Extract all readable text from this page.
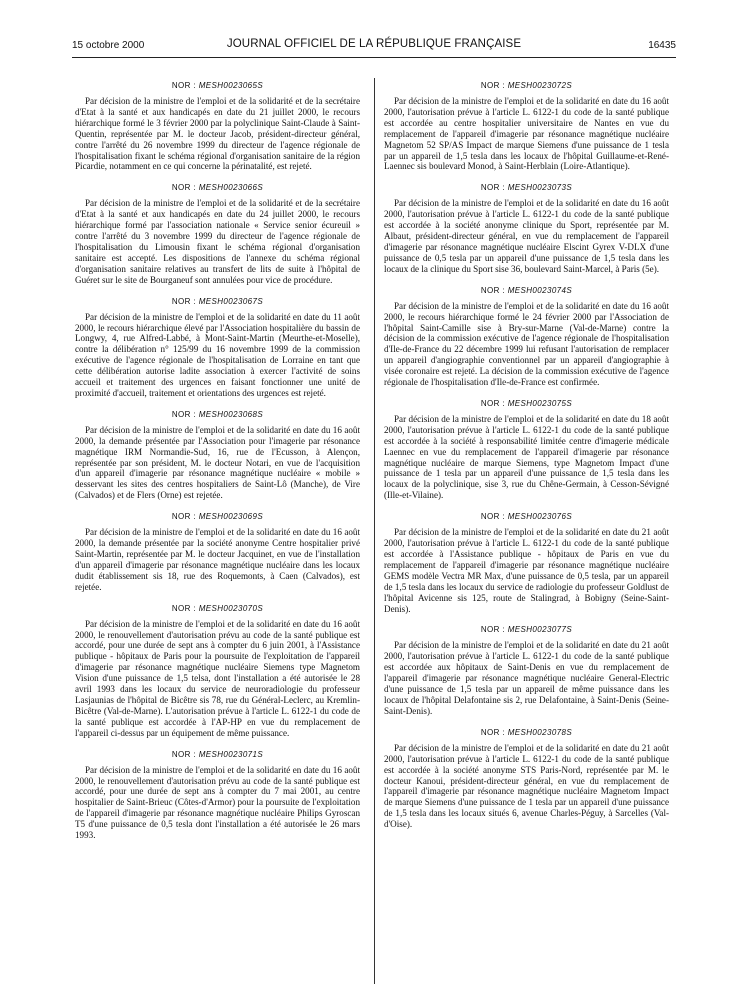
15 octobre 2000	JOURNAL OFFICIEL DE LA RÉPUBLIQUE FRANÇAISE	16435

NOR : MESH0023065S

Par décision de la ministre de l'emploi et de la solidarité et de la secrétaire d'Etat à la santé et aux handicapés en date du 21 juillet 2000, le recours hiérarchique formé le 3 février 2000 par la polyclinique Saint-Claude à Saint-Quentin, représentée par M. le docteur Jacob, président-directeur général, contre l'arrêté du 26 novembre 1999 du directeur de l'agence régionale de l'hospitalisation fixant le schéma régional d'organisation sanitaire de la région Picardie, notamment en ce qui concerne la périnatalité, est rejeté.

NOR : MESH0023066S

Par décision de la ministre de l'emploi et de la solidarité et de la secrétaire d'Etat à la santé et aux handicapés en date du 24 juillet 2000, le recours hiérarchique formé par l'association nationale « Service senior écureuil » contre l'arrêté du 3 novembre 1999 du directeur de l'agence régionale de l'hospitalisation du Limousin fixant le schéma régional d'organisation sanitaire est accepté. Les dispositions de l'annexe du schéma régional d'organisation sanitaire relatives au transfert de lits de suite à l'hôpital de Guéret sur le site de Bourganeuf sont annulées pour vice de procédure.

NOR : MESH0023067S

Par décision de la ministre de l'emploi et de la solidarité en date du 11 août 2000, le recours hiérarchique élevé par l'Association hospitalière du bassin de Longwy, 4, rue Alfred-Labbé, à Mont-Saint-Martin (Meurthe-et-Moselle), contre la délibération n° 125/99 du 16 novembre 1999 de la commission exécutive de l'agence régionale de l'hospitalisation de Lorraine en tant que cette délibération autorise ladite association à exercer l'activité de soins accueil et traitement des urgences en faisant fonctionner une unité de proximité d'accueil, traitement et orientations des urgences est rejeté.

NOR : MESH0023068S

Par décision de la ministre de l'emploi et de la solidarité en date du 16 août 2000, la demande présentée par l'Association pour l'imagerie par résonance magnétique IRM Normandie-Sud, 16, rue de l'Ecusson, à Alençon, représentée par son président, M. le docteur Notari, en vue de l'acquisition d'un appareil d'imagerie par résonance magnétique nucléaire « mobile » desservant les sites des centres hospitaliers de Saint-Lô (Manche), de Vire (Calvados) et de Flers (Orne) est rejetée.

NOR : MESH0023069S

Par décision de la ministre de l'emploi et de la solidarité en date du 16 août 2000, la demande présentée par la société anonyme Centre hospitalier privé Saint-Martin, représentée par M. le docteur Jacquinet, en vue de l'installation d'un appareil d'imagerie par résonance magnétique nucléaire dans les locaux dudit établissement sis 18, rue des Roquemonts, à Caen (Calvados), est rejetée.

NOR : MESH0023070S

Par décision de la ministre de l'emploi et de la solidarité en date du 16 août 2000, le renouvellement d'autorisation prévu au code de la santé publique est accordé, pour une durée de sept ans à compter du 6 juin 2001, à l'Assistance publique - hôpitaux de Paris pour la poursuite de l'exploitation de l'appareil d'imagerie par résonance magnétique nucléaire Siemens type Magnetom Vision d'une puissance de 1,5 telsa, dont l'installation a été autorisée le 28 avril 1993 dans les locaux du service de neuroradiologie du professeur Lasjaunias de l'hôpital de Bicêtre sis 78, rue du Général-Leclerc, au Kremlin-Bicêtre (Val-de-Marne). L'autorisation prévue à l'article L. 6122-1 du code de la santé publique est accordée à l'AP-HP en vue du remplacement de l'appareil ci-dessus par un équipement de même puissance.

NOR : MESH0023071S

Par décision de la ministre de l'emploi et de la solidarité en date du 16 août 2000, le renouvellement d'autorisation prévu au code de la santé publique est accordé, pour une durée de sept ans à compter du 7 mai 2001, au centre hospitalier de Saint-Brieuc (Côtes-d'Armor) pour la poursuite de l'exploitation de l'appareil d'imagerie par résonance magnétique nucléaire Philips Gyroscan T5 d'une puissance de 0,5 tesla dont l'installation a été autorisée le 26 mars 1993.

NOR : MESH0023072S

Par décision de la ministre de l'emploi et de la solidarité en date du 16 août 2000, l'autorisation prévue à l'article L. 6122-1 du code de la santé publique est accordée au centre hospitalier universitaire de Nantes en vue du remplacement de l'appareil d'imagerie par résonance magnétique nucléaire Magnetom 52 SP/AS Impact de marque Siemens d'une puissance de 1 tesla par un appareil de 1,5 tesla dans les locaux de l'hôpital Guillaume-et-René-Laennec sis boulevard Monod, à Saint-Herblain (Loire-Atlantique).

NOR : MESH0023073S

Par décision de la ministre de l'emploi et de la solidarité en date du 16 août 2000, l'autorisation prévue à l'article L. 6122-1 du code de la santé publique est accordée à la société anonyme clinique du Sport, représentée par M. Albaut, président-directeur général, en vue du remplacement de l'appareil d'imagerie par résonance magnétique nucléaire Elscint Gyrex V-DLX d'une puissance de 0,5 tesla par un appareil d'une puissance de 1,5 tesla dans les locaux de la clinique du Sport sise 36, boulevard Saint-Marcel, à Paris (5e).

NOR : MESH0023074S

Par décision de la ministre de l'emploi et de la solidarité en date du 16 août 2000, le recours hiérarchique formé le 24 février 2000 par l'Association de l'hôpital Saint-Camille sise à Bry-sur-Marne (Val-de-Marne) contre la décision de la commission exécutive de l'agence régionale de l'hospitalisation d'Ile-de-France du 22 décembre 1999 lui refusant l'autorisation de remplacer un appareil d'angiographie conventionnel par un appareil d'angiographie à visée coronaire est rejeté. La décision de la commission exécutive de l'agence régionale de l'hospitalisation d'Ile-de-France est confirmée.

NOR : MESH0023075S

Par décision de la ministre de l'emploi et de la solidarité en date du 18 août 2000, l'autorisation prévue à l'article L. 6122-1 du code de la santé publique est accordée à la société à responsabilité limitée centre d'imagerie médicale Laennec en vue du remplacement de l'appareil d'imagerie par résonance magnétique nucléaire de marque Siemens, type Magnetom Impact d'une puissance de 1 tesla par un appareil d'une puissance de 1,5 tesla dans les locaux de la polyclinique, sise 3, rue du Chêne-Germain, à Cesson-Sévigné (Ille-et-Vilaine).

NOR : MESH0023076S

Par décision de la ministre de l'emploi et de la solidarité en date du 21 août 2000, l'autorisation prévue à l'article L. 6122-1 du code de la santé publique est accordée à l'Assistance publique - hôpitaux de Paris en vue du remplacement de l'appareil d'imagerie par résonance magnétique nucléaire GEMS modèle Vectra MR Max, d'une puissance de 0,5 tesla, par un appareil de 1,5 tesla dans les locaux du service de radiologie du professeur Goldlust de l'hôpital Avicenne sis 125, route de Stalingrad, à Bobigny (Seine-Saint-Denis).

NOR : MESH0023077S

Par décision de la ministre de l'emploi et de la solidarité en date du 21 août 2000, l'autorisation prévue à l'article L. 6122-1 du code de la santé publique est accordée aux hôpitaux de Saint-Denis en vue du remplacement de l'appareil d'imagerie par résonance magnétique nucléaire General-Electric d'une puissance de 1,5 tesla par un appareil de même puissance dans les locaux de l'hôpital Delafontaine sis 2, rue Delafontaine, à Saint-Denis (Seine-Saint-Denis).

NOR : MESH0023078S

Par décision de la ministre de l'emploi et de la solidarité en date du 21 août 2000, l'autorisation prévue à l'article L. 6122-1 du code de la santé publique est accordée à la société anonyme STS Paris-Nord, représentée par M. le docteur Kanoui, président-directeur général, en vue du remplacement de l'appareil d'imagerie par résonance magnétique nucléaire Magnetom Impact de marque Siemens d'une puissance de 1 tesla par un appareil d'une puissance de 1,5 tesla dans les locaux situés 6, avenue Charles-Péguy, à Sarcelles (Val-d'Oise).
